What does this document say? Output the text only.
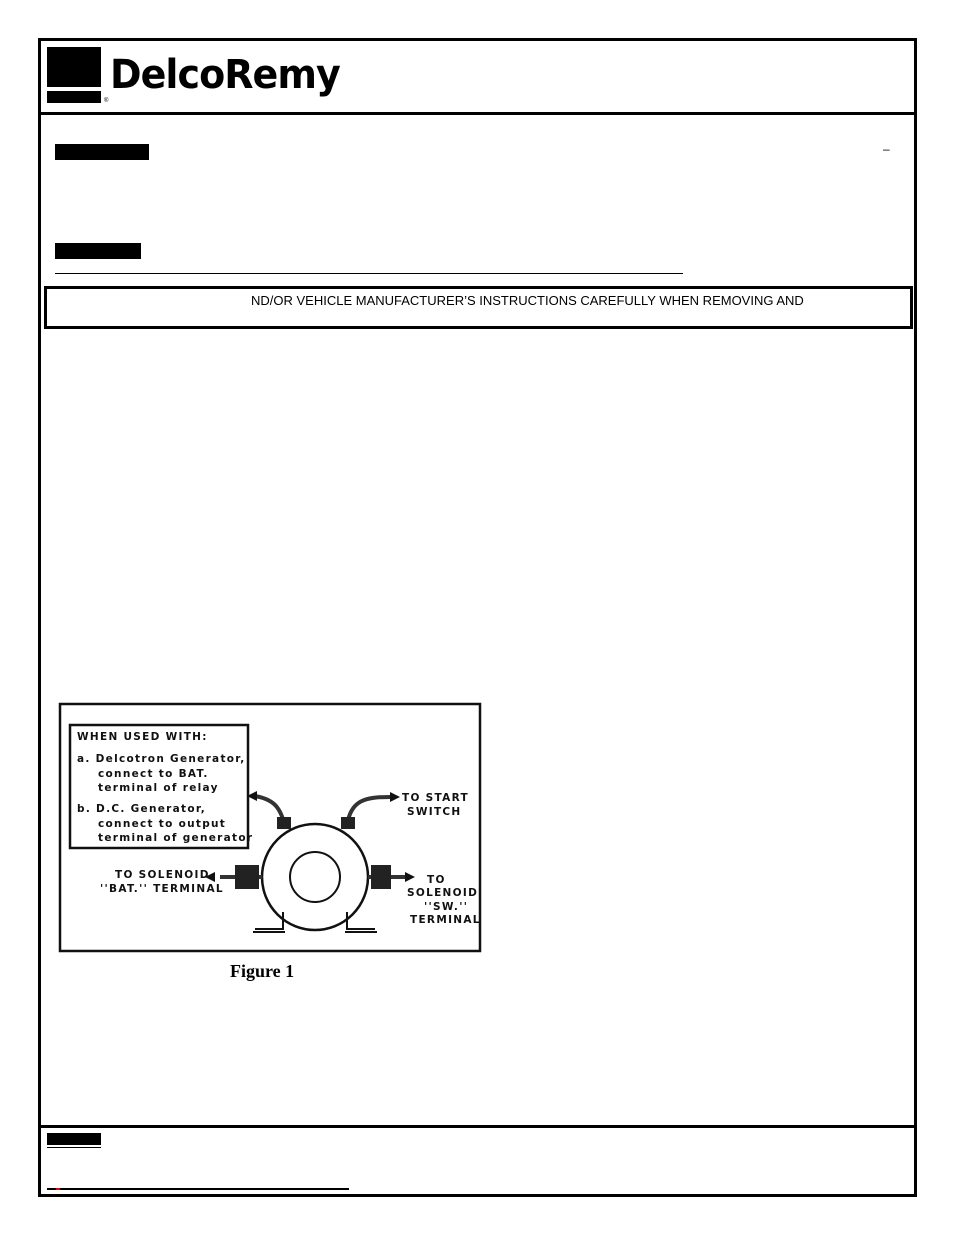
®
DelcoRemy
–
ND/OR VEHICLE MANUFACTURER’S INSTRUCTIONS CAREFULLY WHEN REMOVING AND
WHEN USED WITH:
a. Delcotron Generator,
connect to BAT.
terminal of relay
b. D.C. Generator,
connect to output
terminal of generator
TO START
SWITCH
TO SOLENOID
''BAT.'' TERMINAL
TO
SOLENOID
''SW.''
TERMINAL
Figure 1
